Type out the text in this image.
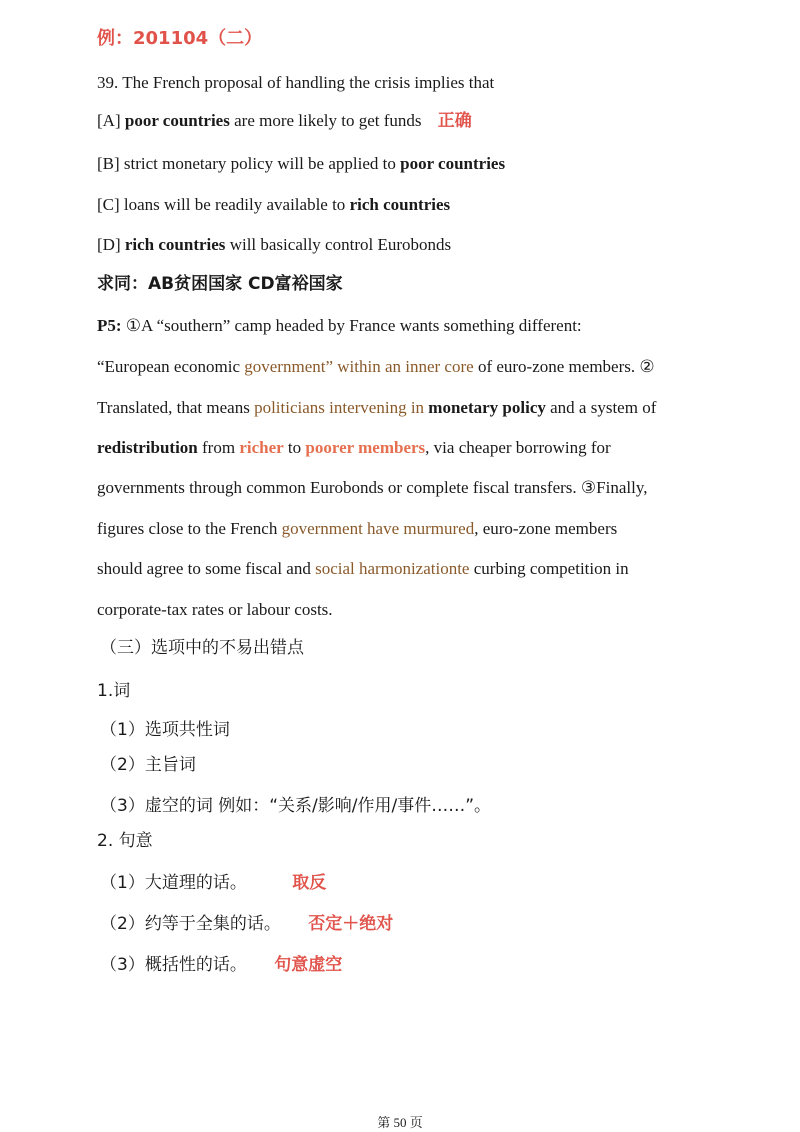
例：201104（二）
39. The French proposal of handling the crisis implies that
[A] poor countries are more likely to get funds 正确
[B] strict monetary policy will be applied to poor countries
[C] loans will be readily available to rich countries
[D] rich countries will basically control Eurobonds
求同：AB贫困国家 CD富裕国家
P5: ①A “southern” camp headed by France wants something different:
“European economic government” within an inner core of euro-zone members. ②
Translated, that means politicians intervening in monetary policy and a system of
redistribution from richer to poorer members, via cheaper borrowing for
governments through common Eurobonds or complete fiscal transfers. ③Finally,
figures close to the French government have murmured, euro-zone members
should agree to some fiscal and social harmonizationte curbing competition in
corporate-tax rates or labour costs.
（三）选项中的不易出错点
1.词
（1）选项共性词
（2）主旨词
（3）虚空的词 例如：“关系/影响/作用/事件……”。
2. 句意
（1）大道理的话。	取反
（2）约等于全集的话。 否定＋绝对
（3）概括性的话。 句意虚空
第 50 页
